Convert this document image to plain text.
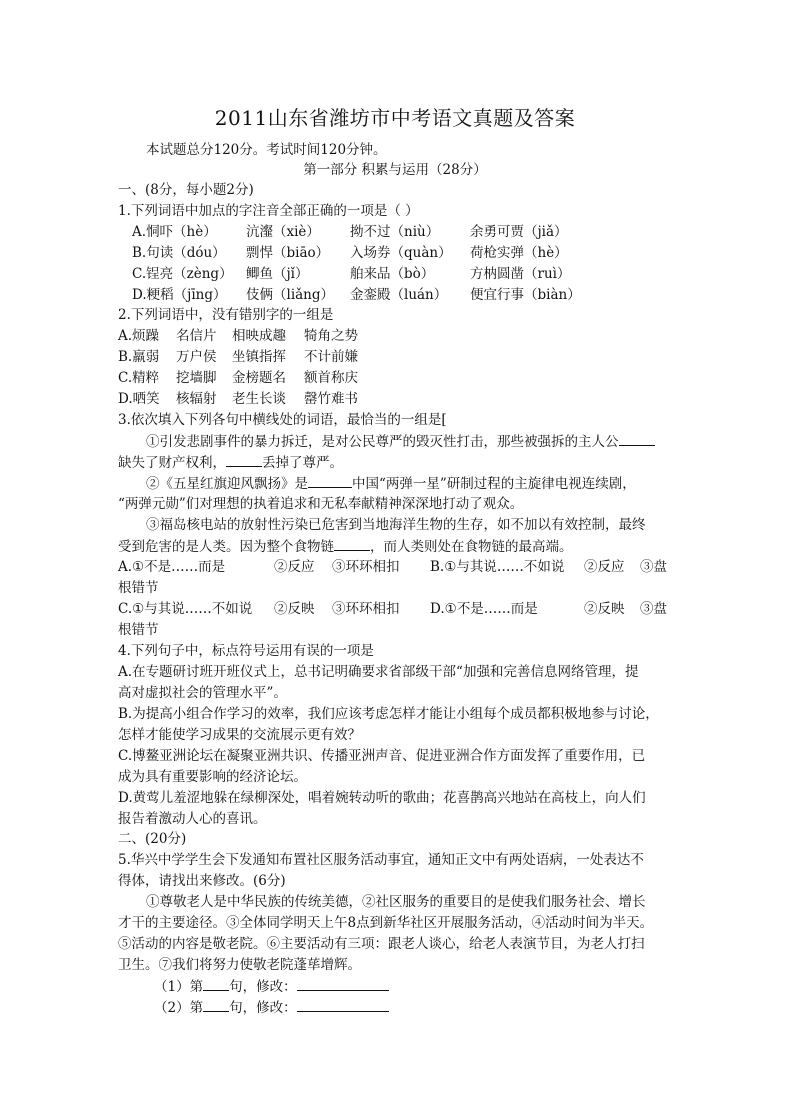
2011山东省潍坊市中考语文真题及答案
本试题总分120分。考试时间120分钟。
第一部分 积累与运用（28分）
一、(8分，每小题2分)
1.下列词语中加点的字注音全部正确的一项是（ ）
A.恫吓（hè） 沆瀣（xiè） 拗不过（niù） 余勇可贾（jiǎ）
B.句读（dóu） 剽悍（biāo） 入场券（quàn） 荷枪实弹（hè）
C.锃亮（zèng） 鲫鱼（jǐ）	舶来品（bò）	方枘圆凿（ruì）
D.粳稻（jīng） 伎俩（liǎng） 金銮殿（luán） 便宜行事（biàn）
2.下列词语中，没有错别字的一组是
A.烦躁 名信片 相映成趣 犄角之势
B.羸弱 万户侯 坐镇指挥 不计前嫌
C.精粹 挖墙脚 金榜题名 额首称庆
D.哂笑 核辐射 老生长谈 罄竹难书
3.依次填入下列各句中横线处的词语，最恰当的一组是[
①引发悲剧事件的暴力拆迁，是对公民尊严的毁灭性打击，那些被强拆的主人公
缺失了财产权利，	丢掉了尊严。
②《五星红旗迎风飘扬》是	中国“两弹一星”研制过程的主旋律电视连续剧，
“两弹元勋”们对理想的执着追求和无私奉献精神深深地打动了观众。
③福岛核电站的放射性污染已危害到当地海洋生物的生存，如不加以有效控制，最终
受到危害的是人类。因为整个食物链	，而人类则处在食物链的最高端。
A.①不是……而是	②反应 ③环环相扣 B.①与其说……不如说 ②反应 ③盘
根错节
C.①与其说……不如说 ②反映 ③环环相扣 D.①不是……而是	②反映 ③盘
根错节
4.下列句子中，标点符号运用有误的一项是
A.在专题研讨班开班仪式上，总书记明确要求省部级干部“加强和完善信息网络管理，提
高对虚拟社会的管理水平”。
B.为提高小组合作学习的效率，我们应该考虑怎样才能让小组每个成员都积极地参与讨论，
怎样才能使学习成果的交流展示更有效？
C.博鳌亚洲论坛在凝聚亚洲共识、传播亚洲声音、促进亚洲合作方面发挥了重要作用，已
成为具有重要影响的经济论坛。
D.黄莺儿羞涩地躲在绿柳深处，唱着婉转动听的歌曲；花喜鹊高兴地站在高枝上，向人们
报告着激动人心的喜讯。
二、(20分)
5.华兴中学学生会下发通知布置社区服务活动事宜，通知正文中有两处语病，一处表达不
得体，请找出来修改。(6分)
①尊敬老人是中华民族的传统美德，②社区服务的重要目的是使我们服务社会、增长
才干的主要途径。③全体同学明天上午8点到新华社区开展服务活动，④活动时间为半天。
⑤活动的内容是敬老院。⑥主要活动有三项：跟老人谈心，给老人表演节目，为老人打扫
卫生。⑦我们将努力使敬老院蓬荜增辉。
（1）第 句，修改：
（2）第 句，修改：
